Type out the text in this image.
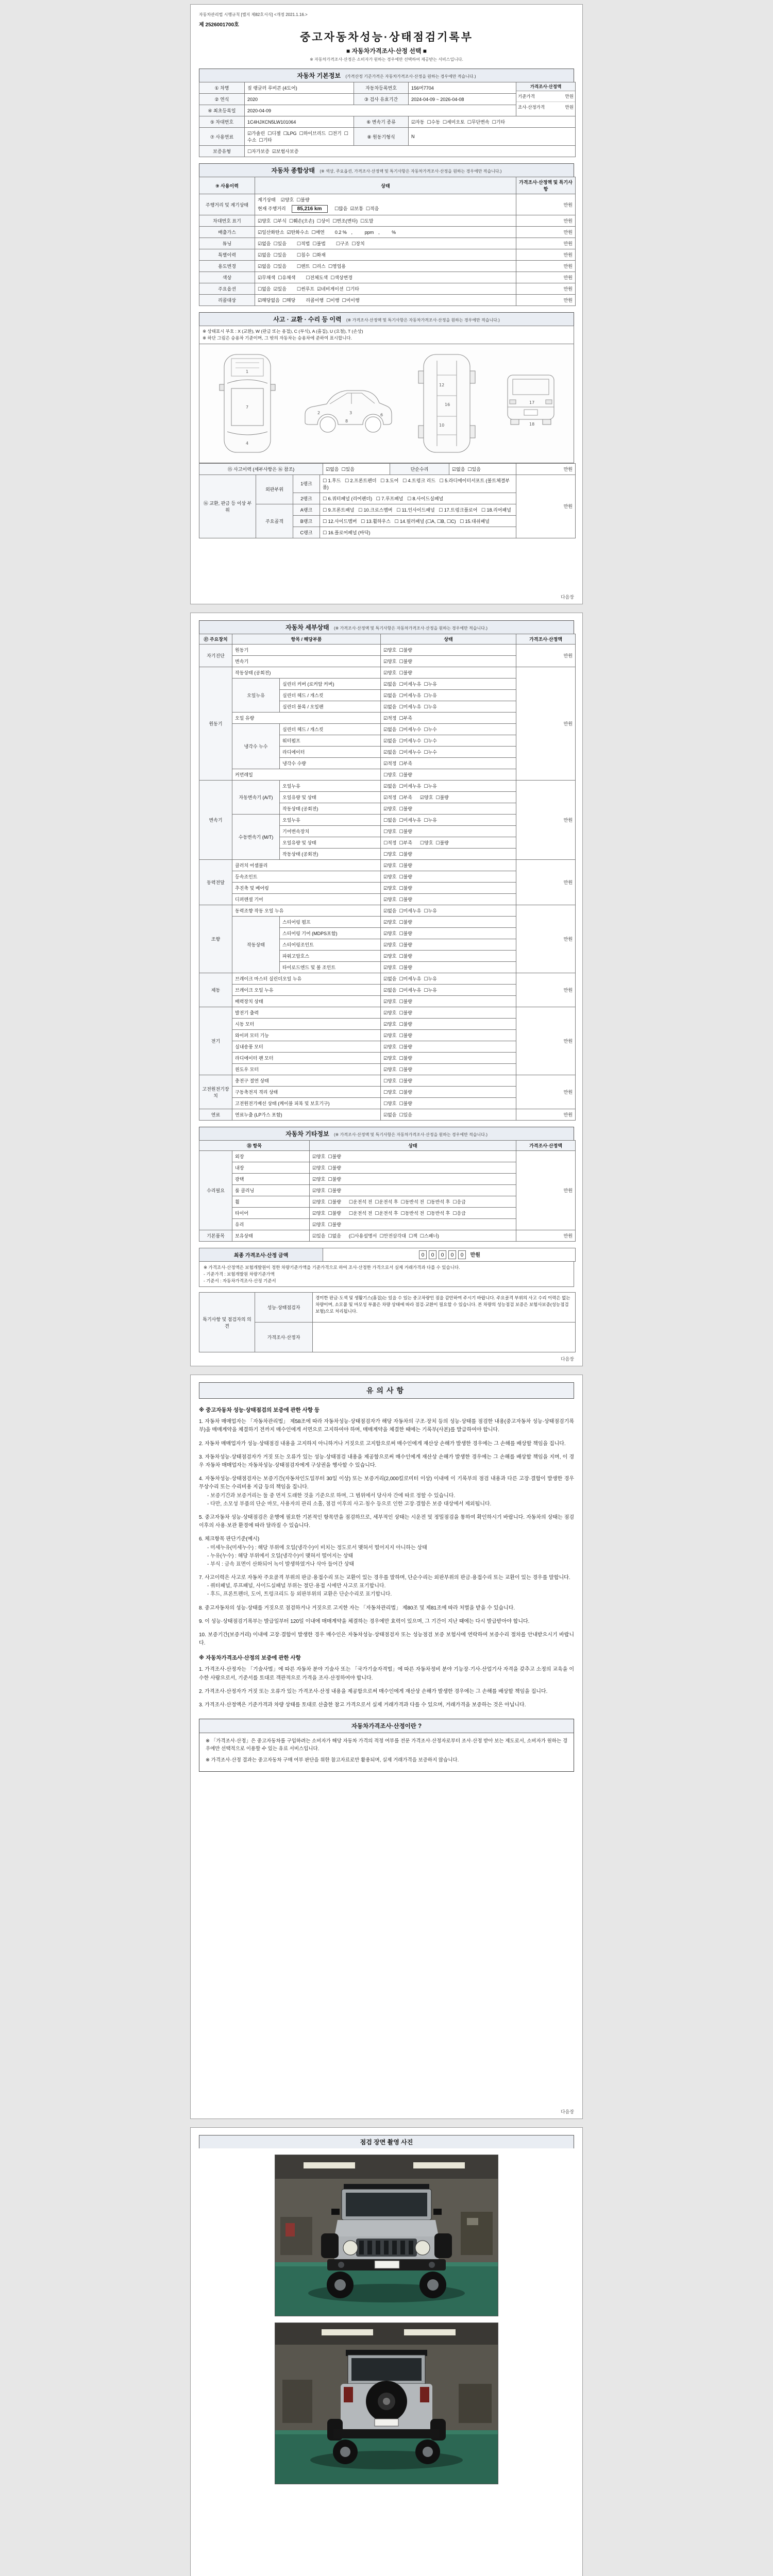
자동차관리법 시행규칙 [별지 제82호서식] <개정 2021.1.16.>
제 2526001700호
중고자동차성능·상태점검기록부
■ 자동차가격조사·산정 선택 ■
※ 자동차가격조사·산정은 소비자가 원하는 경우에만 선택하여 제공받는 서비스입니다.
자동차 기본정보 (가격산정 기준가격은 자동차가격조사·산정을 원하는 경우에만 적습니다.)
① 차명	짚 랭글러 루비콘 (4도어)	자동차등록번호	156머7704	가격조사·산정액
기준가격 만원
조사·산정가격 만원

② 연식	2020	③ 검사 유효기간	2024-04-09 ~ 2026-04-08	
④ 최초등록일	2020-04-09			
⑤ 차대번호	1C4HJXCN5LW101064	⑥ 변속기 종류	☑자동  ☐수동  ☐세미오토  ☐무단변속  ☐기타	
⑦ 사용연료	☑가솔린  ☐디젤  ☐LPG  ☐하이브리드  ☐전기  ☐수소  ☐기타	⑧ 원동기형식	N	
보증유형	☐자가보증  ☑보험사보증			
자동차 종합상태 (※ 색상, 주요옵션, 가격조사·산정액 및 특기사항은 자동차가격조사·산정을 원하는 경우에만 적습니다.)
⑨ 사용이력	상태	가격조사·산정액 및 특기사항
주행거리 및 계기상태	계기상태    ☑양호  ☐불량
현재 주행거리  85,216 km   ☐많음  ☑보통  ☐적음	만원
차대번호 표기	☑양호  ☐부식  ☐훼손(오손)  ☐상이  ☐변조(변타)  ☐도말	만원
배출가스	☑일산화탄소  ☑탄화수소  ☐매연        0.2 %ㅤ,ㅤ      ppmㅤ,ㅤ      %	만원
튜닝	☑없음  ☐있음        ☐적법  ☐불법        ☐구조  ☐장치	만원
특별이력	☑없음  ☐있음        ☐침수  ☐화재	만원
용도변경	☑없음  ☐있음        ☐렌트  ☐리스  ☐영업용	만원
색상	☑무채색  ☐유채색        ☐전체도색  ☐색상변경	만원
주요옵션	☐없음  ☑있음        ☐썬루프  ☑네비게이션  ☐기타	만원
리콜대상	☑해당없음  ☐해당        리콜이행  ☐이행  ☐미이행	만원
사고 · 교환 · 수리 등 이력 (※ 가격조사·산정액 및 특기사항은 자동차가격조사·산정을 원하는 경우에만 적습니다.)
※ 상태표시 부호 : X (교환), W (판금 또는 용접), C (부식), A (흠집), U (요철), T (손상)
※ 하단 그림은 승용차 기준이며, 그 밖의 자동차는 승용차에 준하여 표시합니다.
1
7
4
2	3	6
8
12
16
10	18
17
⑮ 사고이력 (세부사항은 ⑯ 참조)	☑없음  ☐있음	단순수리	☑없음  ☐있음	만원
⑯ 교환, 판금 등 이상 부위	외판부위	1랭크	☐ 1.후드   ☐ 2.프론트펜더   ☐ 3.도어   ☐ 4.트렁크 리드   ☐ 5.라디에이터서포트 (볼트체결부품)	만원
		2랭크	☐ 6.쿼터패널 (리어펜더)   ☐ 7.루프패널   ☐ 8.사이드실패널	
	주요골격	A랭크	☐ 9.프론트패널   ☐ 10.크로스멤버   ☐ 11.인사이드패널   ☐ 17.트렁크플로어   ☐ 18.리어패널	
		B랭크	☐ 12.사이드멤버   ☐ 13.휠하우스   ☐ 14.필러패널 (☐A, ☐B, ☐C)   ☐ 15.대쉬패널	
		C랭크	☐ 16.플로어패널 (바닥)	
다음장
자동차 세부상태 (※ 가격조사·산정액 및 특기사항은 자동차가격조사·산정을 원하는 경우에만 적습니다.)
⑰ 주요장치	항목 / 해당부품		상태	가격조사·산정액
자기진단	원동기		☑양호  ☐불량	만원
	변속기		☑양호  ☐불량	
원동기	작동상태 (공회전)		☑양호  ☐불량	만원
	오일누유	실린더 커버 (로커암 커버)	☑없음  ☐미세누유  ☐누유	
		실린더 헤드 / 개스킷	☑없음  ☐미세누유  ☐누유	
		실린더 블록 / 오일팬	☑없음  ☐미세누유  ☐누유	
	오일 유량		☑적정  ☐부족	
	냉각수 누수	실린더 헤드 / 개스킷	☑없음  ☐미세누수  ☐누수	
		워터펌프	☑없음  ☐미세누수  ☐누수	
		라디에이터	☑없음  ☐미세누수  ☐누수	
		냉각수 수량	☑적정  ☐부족	
	커먼레일		☐양호  ☐불량	
변속기	자동변속기 (A/T)	오일누유	☑없음  ☐미세누유  ☐누유	만원
		오일유량 및 상태	☑적정  ☐부족      ☑양호  ☐불량	
		작동상태 (공회전)	☑양호  ☐불량	
	수동변속기 (M/T)	오일누유	☐없음  ☐미세누유  ☐누유	
		기어변속장치	☐양호  ☐불량	
		오일유량 및 상태	☐적정  ☐부족      ☐양호  ☐불량	
		작동상태 (공회전)	☐양호  ☐불량	
동력전달	클러치 어셈블리		☑양호  ☐불량	만원
	등속조인트		☑양호  ☐불량	
	추진축 및 베어링		☑양호  ☐불량	
	디퍼렌셜 기어		☑양호  ☐불량	
조향	동력조향 작동 오일 누유		☑없음  ☐미세누유  ☐누유	만원
	작동상태	스티어링 펌프	☑양호  ☐불량	
		스티어링 기어 (MDPS포함)	☑양호  ☐불량	
		스티어링조인트	☑양호  ☐불량	
		파워고압호스	☑양호  ☐불량	
		타이로드엔드 및 볼 조인트	☑양호  ☐불량	
제동	브레이크 마스터 실린더오일 누유		☑없음  ☐미세누유  ☐누유	만원
	브레이크 오일 누유		☑없음  ☐미세누유  ☐누유	
	배력장치 상태		☑양호  ☐불량	
전기	발전기 출력		☑양호  ☐불량	만원
	시동 모터		☑양호  ☐불량	
	와이퍼 모터 기능		☑양호  ☐불량	
	실내송풍 모터		☑양호  ☐불량	
	라디에이터 팬 모터		☑양호  ☐불량	
	윈도우 모터		☑양호  ☐불량	
고전원전기장치	충전구 절연 상태		☐양호  ☐불량	만원
	구동축전지 격리 상태		☐양호  ☐불량	
	고전원전기배선 상태 (케이블 피복 및 보호기구)		☐양호  ☐불량	
연료	연료누출 (LP가스 포함)		☑없음  ☐있음	만원
자동차 기타정보 (※ 가격조사·산정액 및 특기사항은 자동차가격조사·산정을 원하는 경우에만 적습니다.)
⑱ 항목		상태	가격조사·산정액
수리필요	외장	☑양호  ☐불량	만원
	내장	☑양호  ☐불량	
	광택	☑양호  ☐불량	
	룸 클리닝	☑양호  ☐불량	
	휠	☑양호  ☐불량      ☐운전석 전  ☐운전석 후  ☐동반석 전  ☐동반석 후  ☐응급	
	타이어	☑양호  ☐불량      ☐운전석 전  ☐운전석 후  ☐동반석 전  ☐동반석 후  ☐응급	
	유리	☑양호  ☐불량	
기본품목	보유상태	☑있음  ☐없음      (☐사용설명서  ☐안전삼각대  ☐잭  ☐스패너)	만원
최종 가격조사·산정 금액	0 0 0 0 0 만원
※ 가격조사·산정액은 보험개발원이 정한 차량기준가액을 기준가격으로 하여 조사·산정한 가격으로서 실제 거래가격과 다를 수 있습니다.
- 기준가격 : 보험개발원 차량기준가액
- 기준서 : 자동차가격조사·산정 기준서
특기사항 및 점검자의 의견	성능·상태점검자	경미한 판금·도색 및 생활기스(흠집)는 있을 수 있는 중고차량인 점을 감안하여 주시기 바랍니다. 주요골격 부위의 사고 수리 이력은 없는 차량이며, 소모품 및 마모성 부품은 차량 상태에 따라 점검·교환이 필요할 수 있습니다. 본 차량의 성능점검 보증은 보험사보증(성능점검보험)으로 처리됩니다.
	가격조사·산정자	
다음장
유의사항
※ 중고자동차 성능·상태점검의 보증에 관한 사항 등
1. 자동차 매매업자는 「자동차관리법」 제58조에 따라 자동차성능·상태점검자가 해당 자동차의 구조·장치 등의 성능·상태를 점검한 내용(중고자동차 성능·상태점검기록부)을 매매계약을 체결하기 전까지 매수인에게 서면으로 고지하여야 하며, 매매계약을 체결한 때에는 기록부(사본)를 발급하여야 합니다.
2. 자동차 매매업자가 성능·상태점검 내용을 고지하지 아니하거나 거짓으로 고지함으로써 매수인에게 재산상 손해가 발생한 경우에는 그 손해를 배상할 책임을 집니다.
3. 자동차성능·상태점검자가 거짓 또는 오류가 있는 성능·상태점검 내용을 제공함으로써 매수인에게 재산상 손해가 발생한 경우에는 그 손해를 배상할 책임을 지며, 이 경우 자동차 매매업자는 자동차성능·상태점검자에게 구상권을 행사할 수 있습니다.
4. 자동차성능·상태점검자는 보증기간(자동차인도일부터 30일 이상) 또는 보증거리(2,000킬로미터 이상) 이내에 이 기록부의 점검 내용과 다른 고장·결함이 발생한 경우 무상수리 또는 수리비용 지급 등의 책임을 집니다.
- 보증기간과 보증거리는 둘 중 먼저 도래한 것을 기준으로 하며, 그 범위에서 당사자 간에 따로 정할 수 있습니다.
- 다만, 소모성 부품의 단순 마모, 사용자의 관리 소홀, 점검 이후의 사고·침수 등으로 인한 고장·결함은 보증 대상에서 제외됩니다.
5. 중고자동차 성능·상태점검은 운행에 필요한 기본적인 항목만을 점검하므로, 세부적인 상태는 시운전 및 정밀점검을 통하여 확인하시기 바랍니다. 자동차의 상태는 점검 이후의 사용·보관 환경에 따라 달라질 수 있습니다.
6. 체크항목 판단기준(예시)
- 미세누유(미세누수) : 해당 부위에 오일(냉각수)이 비치는 정도로서 맺혀서 떨어지지 아니하는 상태
- 누유(누수) : 해당 부위에서 오일(냉각수)이 맺혀서 떨어지는 상태
- 부식 : 금속 표면이 산화되어 녹이 발생하였거나 삭아 들어간 상태
7. 사고이력은 사고로 자동차 주요골격 부위의 판금·용접수리 또는 교환이 있는 경우를 말하며, 단순수리는 외판부위의 판금·용접수리 또는 교환이 있는 경우를 말합니다.
- 쿼터패널, 루프패널, 사이드실패널 부위는 절단·용접 시에만 사고로 표기합니다.
- 후드, 프론트펜더, 도어, 트렁크리드 등 외판부위의 교환은 단순수리로 표기합니다.
8. 중고자동차의 성능·상태를 거짓으로 점검하거나 거짓으로 고지한 자는 「자동차관리법」 제80조 및 제81조에 따라 처벌을 받을 수 있습니다.
9. 이 성능·상태점검기록부는 발급일부터 120일 이내에 매매계약을 체결하는 경우에만 효력이 있으며, 그 기간이 지난 때에는 다시 발급받아야 합니다.
10. 보증기간(보증거리) 이내에 고장·결함이 발생한 경우 매수인은 자동차성능·상태점검자 또는 성능점검 보증 보험사에 연락하여 보증수리 절차를 안내받으시기 바랍니다.
※ 자동차가격조사·산정의 보증에 관한 사항
1. 가격조사·산정자는 「기술사법」에 따른 자동차 분야 기술사 또는 「국가기술자격법」에 따른 자동차정비 분야 기능장·기사·산업기사 자격을 갖추고 소정의 교육을 이수한 사람으로서, 기준서를 토대로 객관적으로 가격을 조사·산정하여야 합니다.
2. 가격조사·산정자가 거짓 또는 오류가 있는 가격조사·산정 내용을 제공함으로써 매수인에게 재산상 손해가 발생한 경우에는 그 손해를 배상할 책임을 집니다.
3. 가격조사·산정액은 기준가격과 차량 상태를 토대로 산출한 참고 가격으로서 실제 거래가격과 다를 수 있으며, 거래가격을 보증하는 것은 아닙니다.
자동차가격조사·산정이란 ?
※ 「가격조사·산정」은 중고자동차를 구입하려는 소비자가 해당 자동차 가격의 적정 여부를 전문 가격조사·산정자로부터 조사·산정 받아 보는 제도로서, 소비자가 원하는 경우에만 선택적으로 이용할 수 있는 유료 서비스입니다.
※ 가격조사·산정 결과는 중고자동차 구매 여부 판단을 위한 참고자료로만 활용되며, 실제 거래가격을 보증하지 않습니다.
다음장
점검 장면 촬영 사진
